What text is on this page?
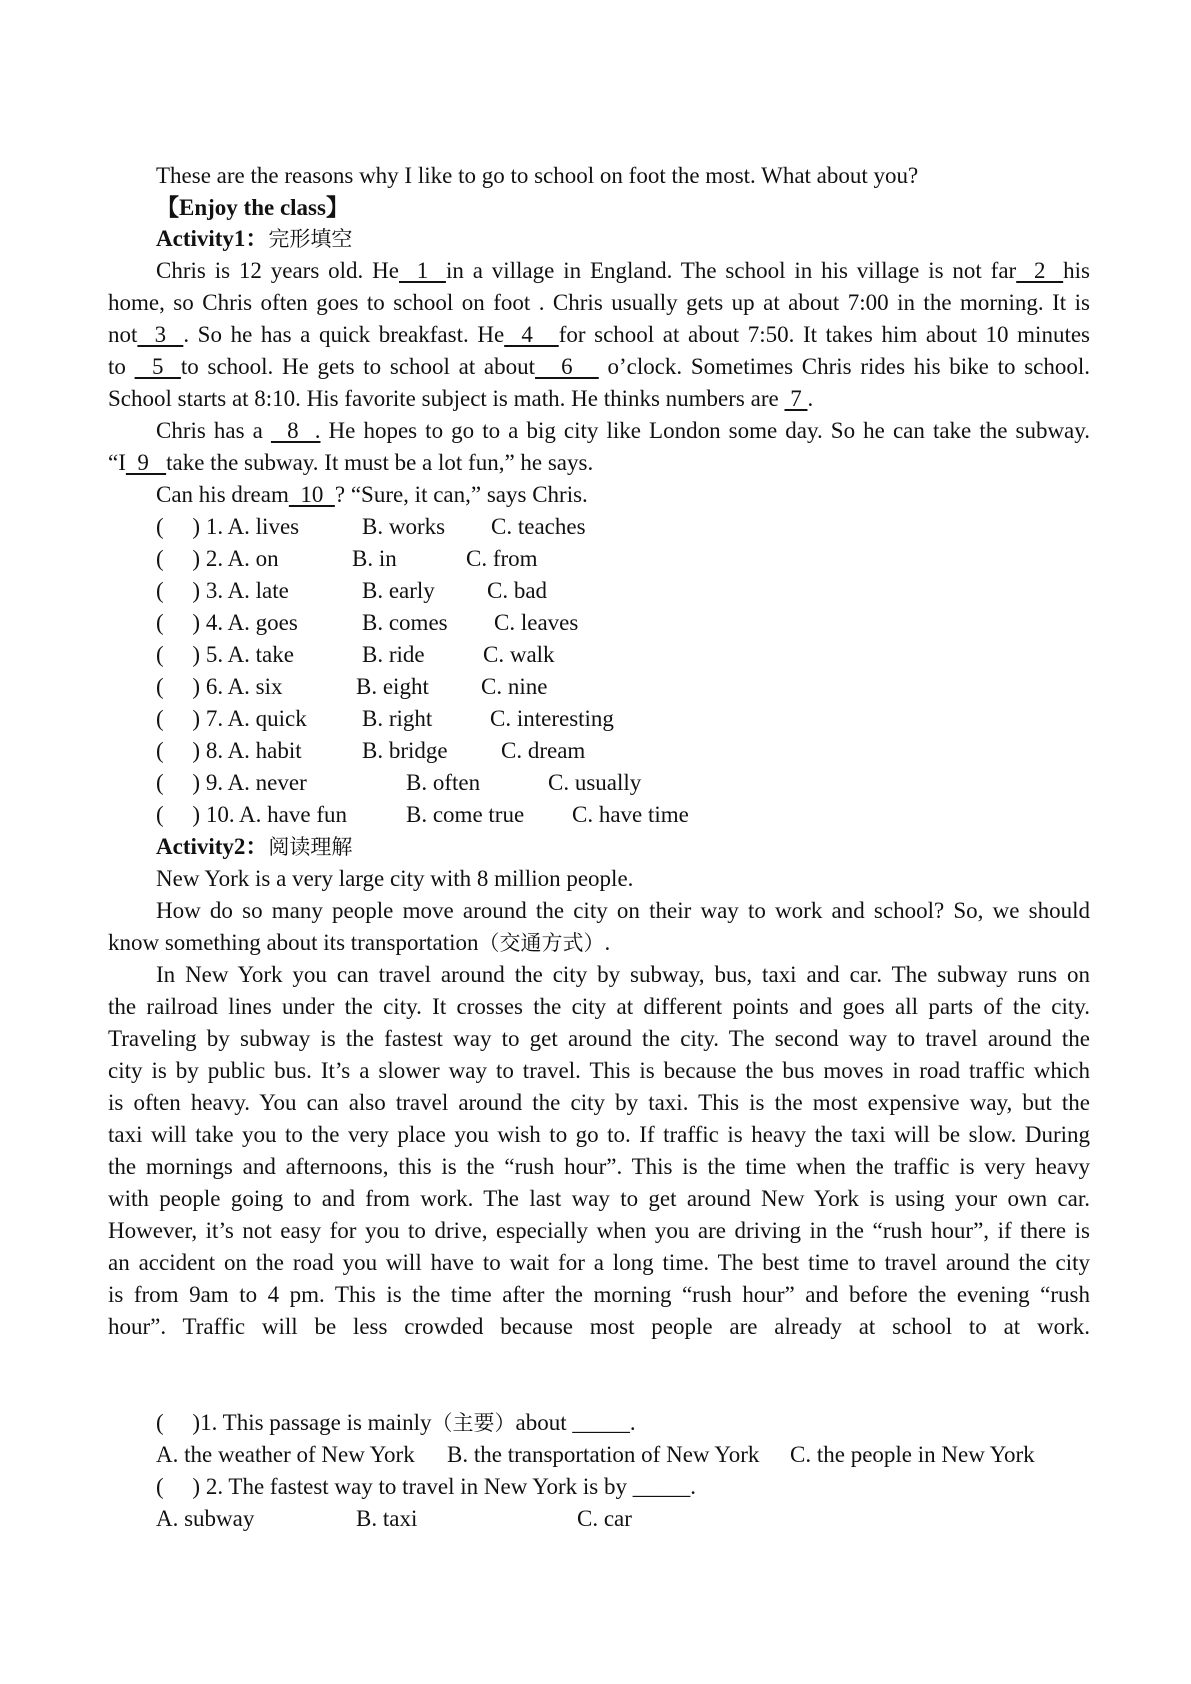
These are the reasons why I like to go to school on foot the most. What about you?
【Enjoy the class】
Activity1：完形填空
Chris is 12 years old. He  1  in a village in England. The school in his village is not far  2  his
home, so Chris often goes to school on foot . Chris usually gets up at about 7:00 in the morning. It is
not  3  . So he has a quick breakfast. He  4   for school at about 7:50. It takes him about 10 minutes
to   5  to school. He gets to school at about   6    o’clock. Sometimes Chris rides his bike to school.
School starts at 8:10. His favorite subject is math. He thinks numbers are  7 .
Chris has a   8  . He hopes to go to a big city like London some day. So he can take the subway.
“I  9   take the subway. It must be a lot fun,” he says.
Can his dream  10  ? “Sure, it can,” says Chris.
(     ) 1. A. lives	B. works C. teaches
(     ) 2. A. on	B. in	C. from
(     ) 3. A. late	B. early C. bad
(     ) 4. A. goes	B. comes C. leaves
(     ) 5. A. take	B. ride	C. walk
(     ) 6. A. six	B. eight C. nine
(     ) 7. A. quick B. right	C. interesting
(     ) 8. A. habit	B. bridge C. dream
(     ) 9. A. never	B. often	C. usually
(     ) 10. A. have fun	B. come true C. have time
Activity2：阅读理解
New York is a very large city with 8 million people.
How do so many people move around the city on their way to work and school? So, we should
know something about its transportation（交通方式）.
In New York you can travel around the city by subway, bus, taxi and car. The subway runs on
the railroad lines under the city. It crosses the city at different points and goes all parts of the city.
Traveling by subway is the fastest way to get around the city. The second way to travel around the
city is by public bus. It’s a slower way to travel. This is because the bus moves in road traffic which
is often heavy. You can also travel around the city by taxi. This is the most expensive way, but the
taxi will take you to the very place you wish to go to. If traffic is heavy the taxi will be slow. During
the mornings and afternoons, this is the “rush hour”. This is the time when the traffic is very heavy
with people going to and from work. The last way to get around New York is using your own car.
However, it’s not easy for you to drive, especially when you are driving in the “rush hour”, if there is
an accident on the road you will have to wait for a long time. The best time to travel around the city
is from 9am to 4 pm. This is the time after the morning “rush hour” and before the evening “rush
hour”. Traffic will be less crowded because most people are already at school to at work.
(     )1. This passage is mainly（主要）about _____.
A. the weather of New York B. the transportation of New York C. the people in New York
(     ) 2. The fastest way to travel in New York is by _____.
A. subway	B. taxi	C. car
